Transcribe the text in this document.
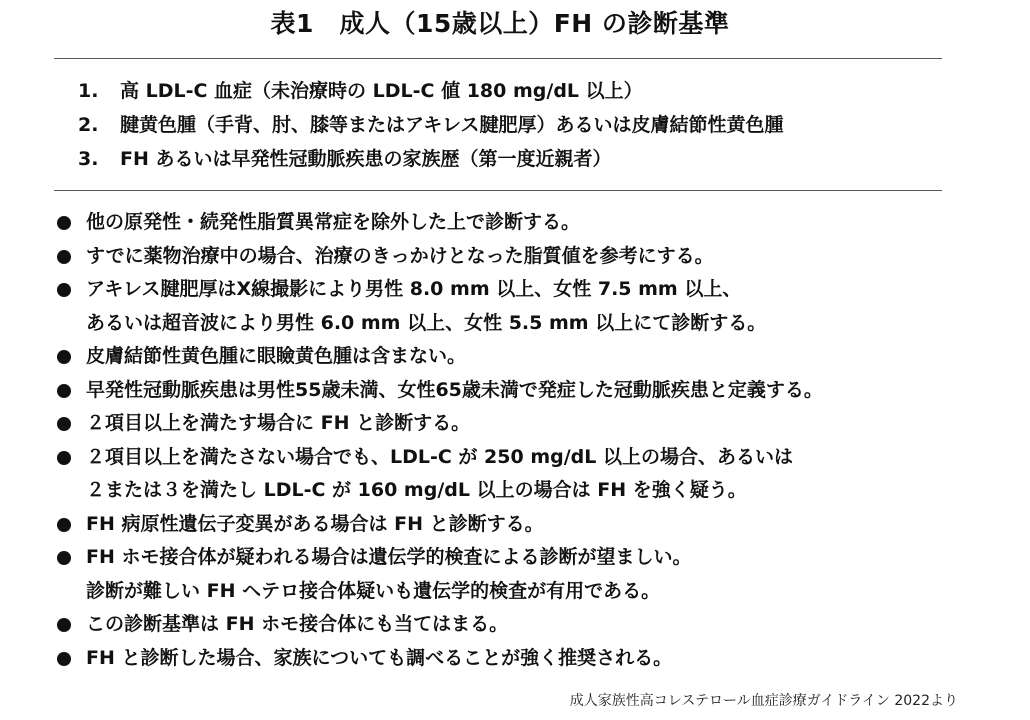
表1　成人（15歳以上）FH の診断基準
1. 高 LDL-C 血症（未治療時の LDL-C 値 180 mg/dL 以上）
2. 腱黄色腫（手背、肘、膝等またはアキレス腱肥厚）あるいは皮膚結節性黄色腫
3. FH あるいは早発性冠動脈疾患の家族歴（第一度近親者）
他の原発性・続発性脂質異常症を除外した上で診断する。
すでに薬物治療中の場合、治療のきっかけとなった脂質値を参考にする。
アキレス腱肥厚はX線撮影により男性 8.0 mm 以上、女性 7.5 mm 以上、
あるいは超音波により男性 6.0 mm 以上、女性 5.5 mm 以上にて診断する。
皮膚結節性黄色腫に眼瞼黄色腫は含まない。
早発性冠動脈疾患は男性55歳未満、女性65歳未満で発症した冠動脈疾患と定義する。
２項目以上を満たす場合に FH と診断する。
２項目以上を満たさない場合でも、LDL-C が 250 mg/dL 以上の場合、あるいは
２または３を満たし LDL-C が 160 mg/dL 以上の場合は FH を強く疑う。
FH 病原性遺伝子変異がある場合は FH と診断する。
FH ホモ接合体が疑われる場合は遺伝学的検査による診断が望ましい。
診断が難しい FH ヘテロ接合体疑いも遺伝学的検査が有用である。
この診断基準は FH ホモ接合体にも当てはまる。
FH と診断した場合、家族についても調べることが強く推奨される。
成人家族性高コレステロール血症診療ガイドライン 2022より
